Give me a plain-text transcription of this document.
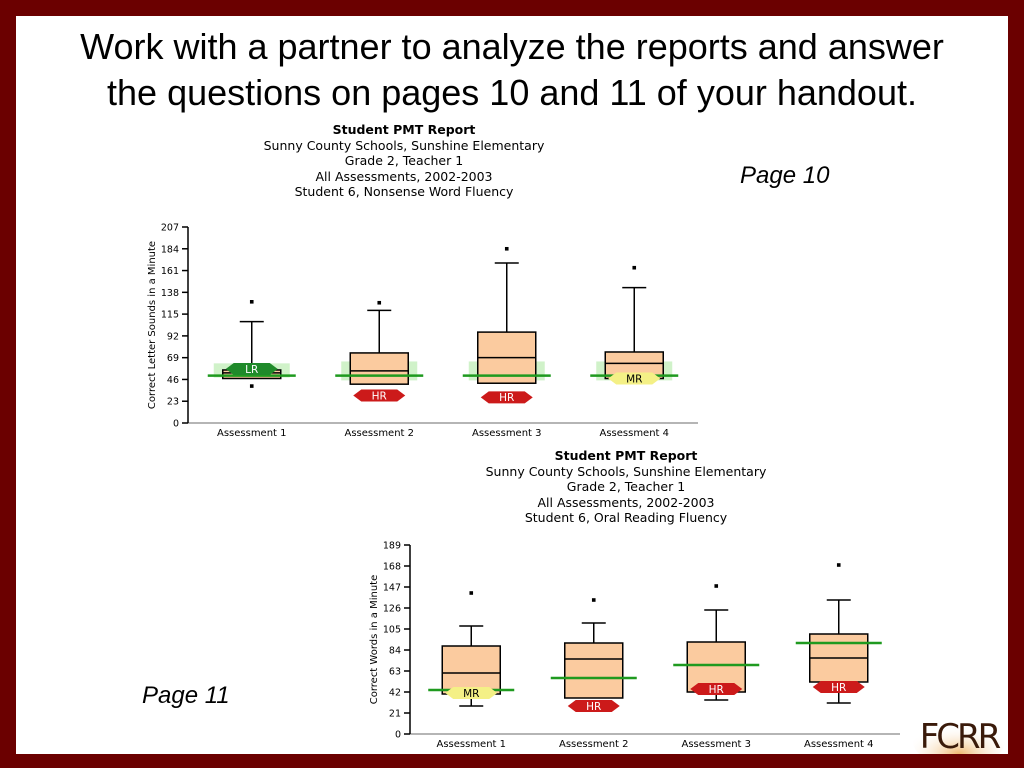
Work with a partner to analyze the reports and answer
the questions on pages 10 and 11 of your handout.
Student PMT Report
Sunny County Schools, Sunshine Elementary
Grade 2, Teacher 1
All Assessments, 2002-2003
Student 6, Nonsense Word Fluency
Page 10
0
23
46
69
92
115
138
161
184
207
Correct Letter Sounds in a Minute	LR
Assessment 1
HR
Assessment 2
HR
Assessment 3
MR
Assessment 4
Student PMT Report
Sunny County Schools, Sunshine Elementary
Grade 2, Teacher 1
All Assessments, 2002-2003
Student 6, Oral Reading Fluency
Page 11
0
21
42
63
84
105
126
147
168
189
Correct Words in a Minute	MR
Assessment 1
HR
Assessment 2
HR
Assessment 3
HR
Assessment 4 FCRR
